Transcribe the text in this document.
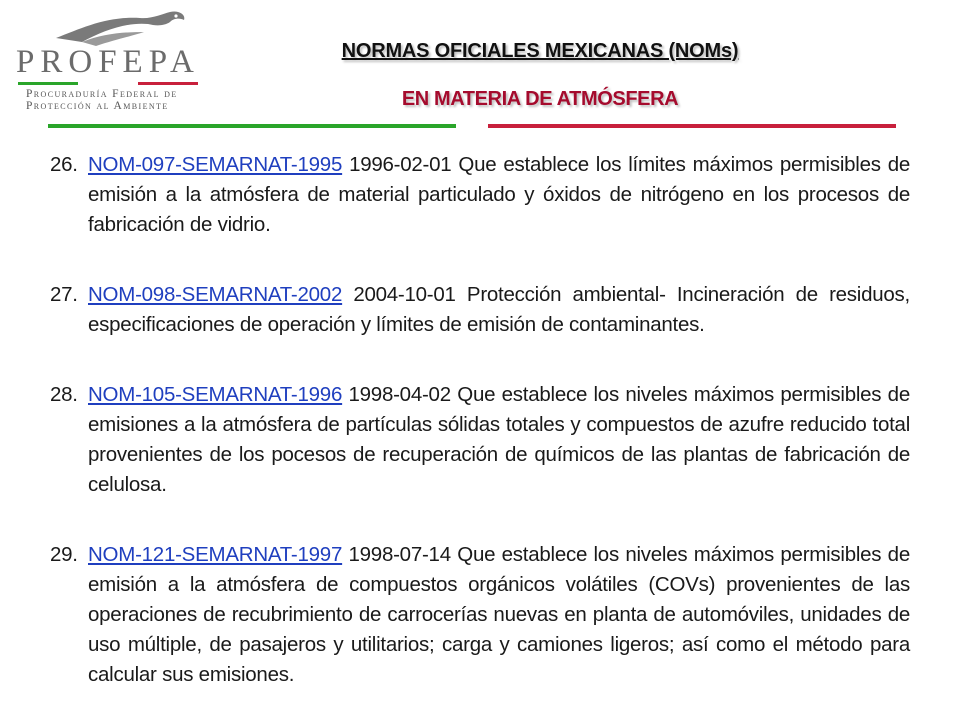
PROFEPA
Procuraduría Federal de
Protección al Ambiente
NORMAS OFICIALES MEXICANAS (NOMs)
EN MATERIA DE ATMÓSFERA
26. NOM-097-SEMARNAT-1995 1996-02-01 Que establece los límites máximos permisibles de emisión a la atmósfera de material particulado y óxidos de nitrógeno en los procesos de fabricación de vidrio.
27. NOM-098-SEMARNAT-2002 2004-10-01 Protección ambiental- Incineración de residuos, especificaciones de operación y límites de emisión de contaminantes.
28. NOM-105-SEMARNAT-1996 1998-04-02 Que establece los niveles máximos permisibles de emisiones a la atmósfera de partículas sólidas totales y compuestos de azufre reducido total provenientes de los pocesos de recuperación de químicos de las plantas de fabricación de celulosa.
29. NOM-121-SEMARNAT-1997 1998-07-14 Que establece los niveles máximos permisibles de emisión a la atmósfera de compuestos orgánicos volátiles (COVs) provenientes de las operaciones de recubrimiento de carrocerías nuevas en planta de automóviles, unidades de uso múltiple, de pasajeros y utilitarios; carga y camiones ligeros; así como el método para calcular sus emisiones.
